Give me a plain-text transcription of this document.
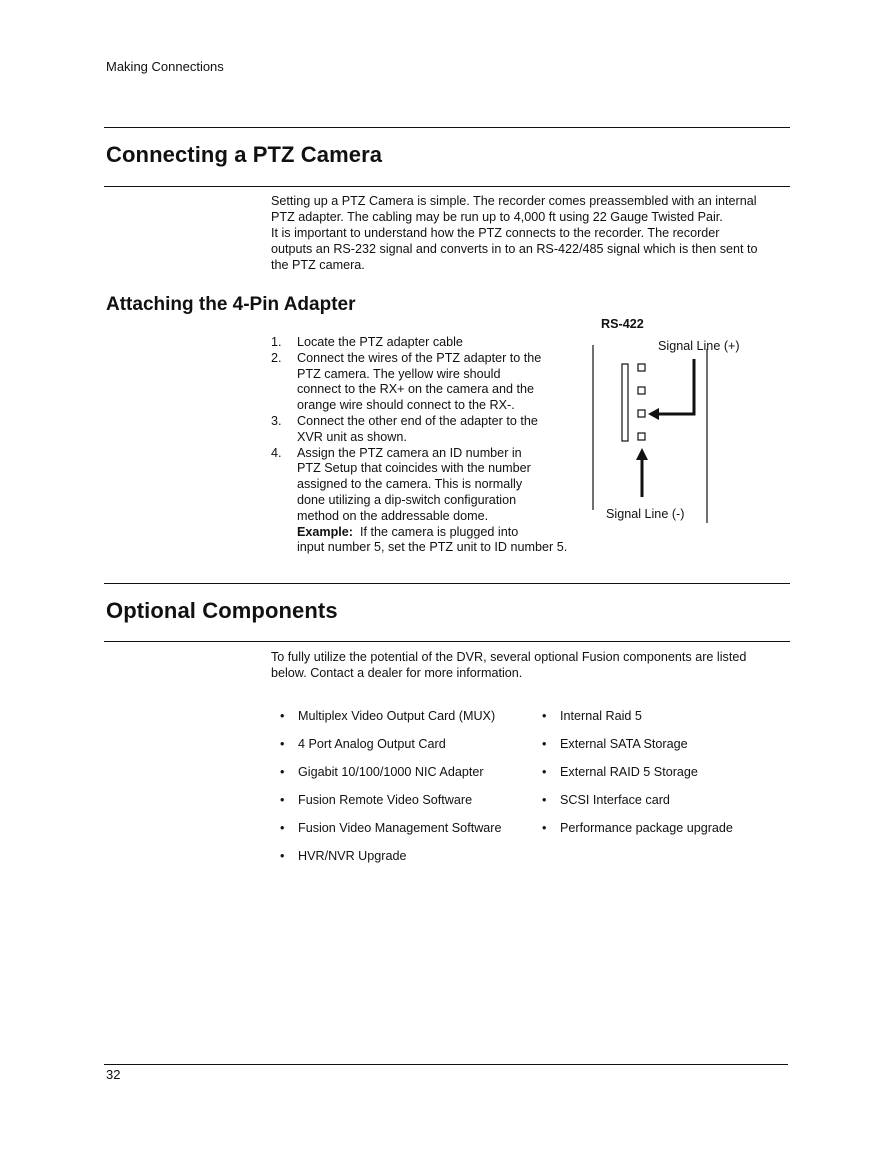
Making Connections
Connecting a PTZ Camera
Setting up a PTZ Camera is simple. The recorder comes preassembled with an internal
PTZ adapter. The cabling may be run up to 4,000 ft using 22 Gauge Twisted Pair.
It is important to understand how the PTZ connects to the recorder. The recorder
outputs an RS-232 signal and converts in to an RS-422/485 signal which is then sent to
the PTZ camera.
Attaching the 4-Pin Adapter
1. Locate the PTZ adapter cable
2. Connect the wires of the PTZ adapter to the
PTZ camera. The yellow wire should
connect to the RX+ on the camera and the
orange wire should connect to the RX-.
3. Connect the other end of the adapter to the
XVR unit as shown.
4. Assign the PTZ camera an ID number in
PTZ Setup that coincides with the number
assigned to the camera. This is normally
done utilizing a dip-switch configuration
method on the addressable dome.
Example:  If the camera is plugged into
input number 5, set the PTZ unit to ID number 5.
RS-422
Signal Line (+)
Signal Line (-)
Optional Components
To fully utilize the potential of the DVR, several optional Fusion components are listed
below. Contact a dealer for more information.
• Multiplex Video Output Card (MUX)
• 4 Port Analog Output Card
• Gigabit 10/100/1000 NIC Adapter
• Fusion Remote Video Software
• Fusion Video Management Software
• HVR/NVR Upgrade
• Internal Raid 5
• External SATA Storage
• External RAID 5 Storage
• SCSI Interface card
• Performance package upgrade
32
